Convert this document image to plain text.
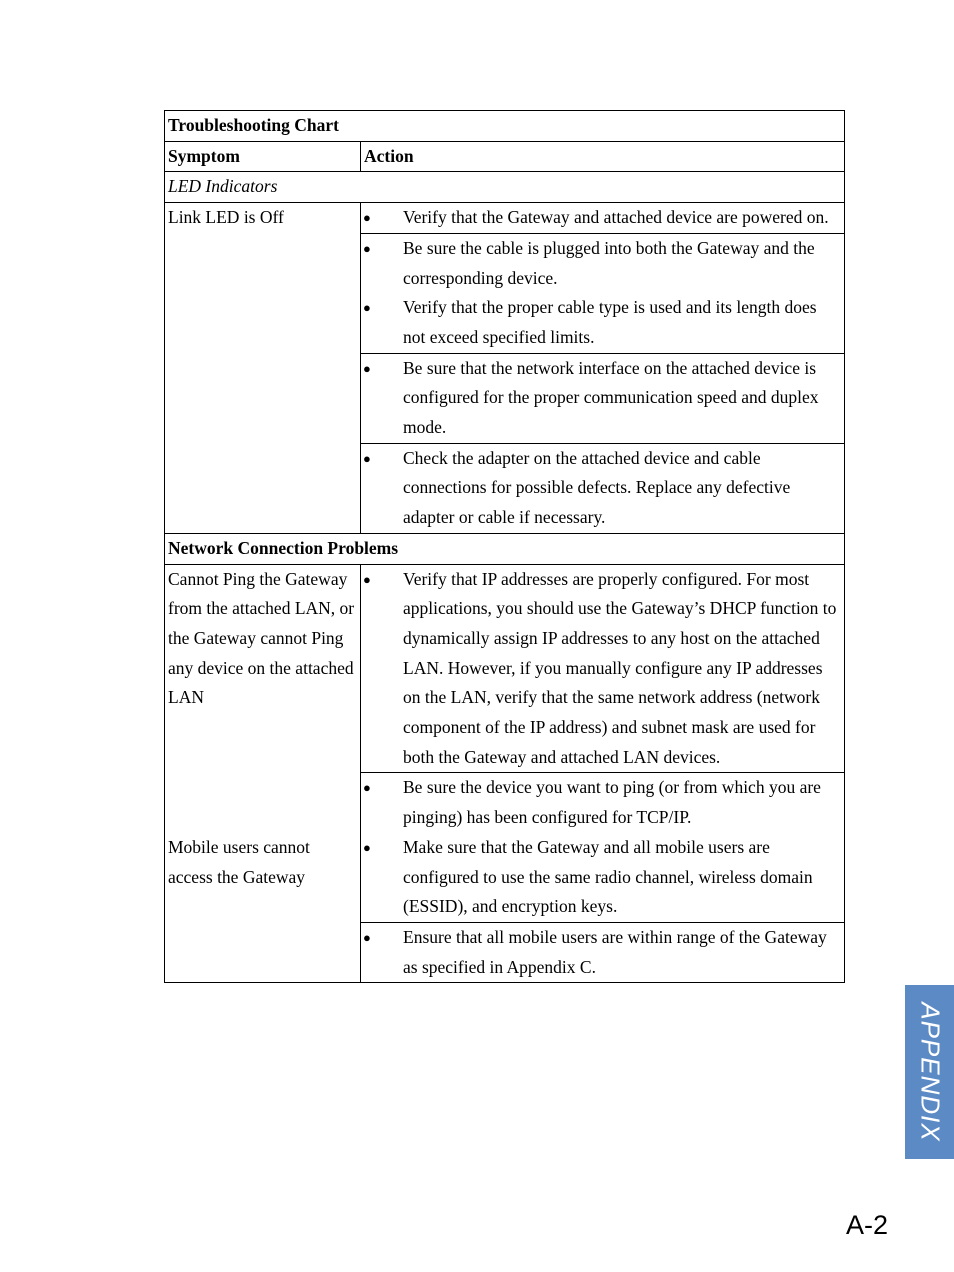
Troubleshooting Chart	
Symptom	Action
LED Indicators	
Link LED is Off	● Verify that the Gateway and attached device are powered on.

	● Be sure the cable is plugged into both the Gateway and the corresponding device.

	● Verify that the proper cable type is used and its length does not exceed specified limits.

	● Be sure that the network interface on the attached device is configured for the proper communication speed and duplex mode.

	● Check the adapter on the attached device and cable connections for possible defects. Replace any defective adapter or cable if necessary.

Network Connection Problems	
Cannot Ping the Gateway from the attached LAN, or the Gateway cannot Ping any device on the attached LAN	● Verify that IP addresses are properly configured. For most applications, you should use the Gateway’s DHCP function to dynamically assign IP addresses to any host on the attached LAN. However, if you manually configure any IP addresses on the LAN, verify that the same network address (network component of the IP address) and subnet mask are used for both the Gateway and attached LAN devices.

	● Be sure the device you want to ping (or from which you are pinging) has been configured for TCP/IP.

Mobile users cannot access the Gateway	● Make sure that the Gateway and all mobile users are configured to use the same radio channel, wireless domain (ESSID), and encryption keys.

	● Ensure that all mobile users are within range of the Gateway as specified in Appendix C.
APPENDIX
A-2
